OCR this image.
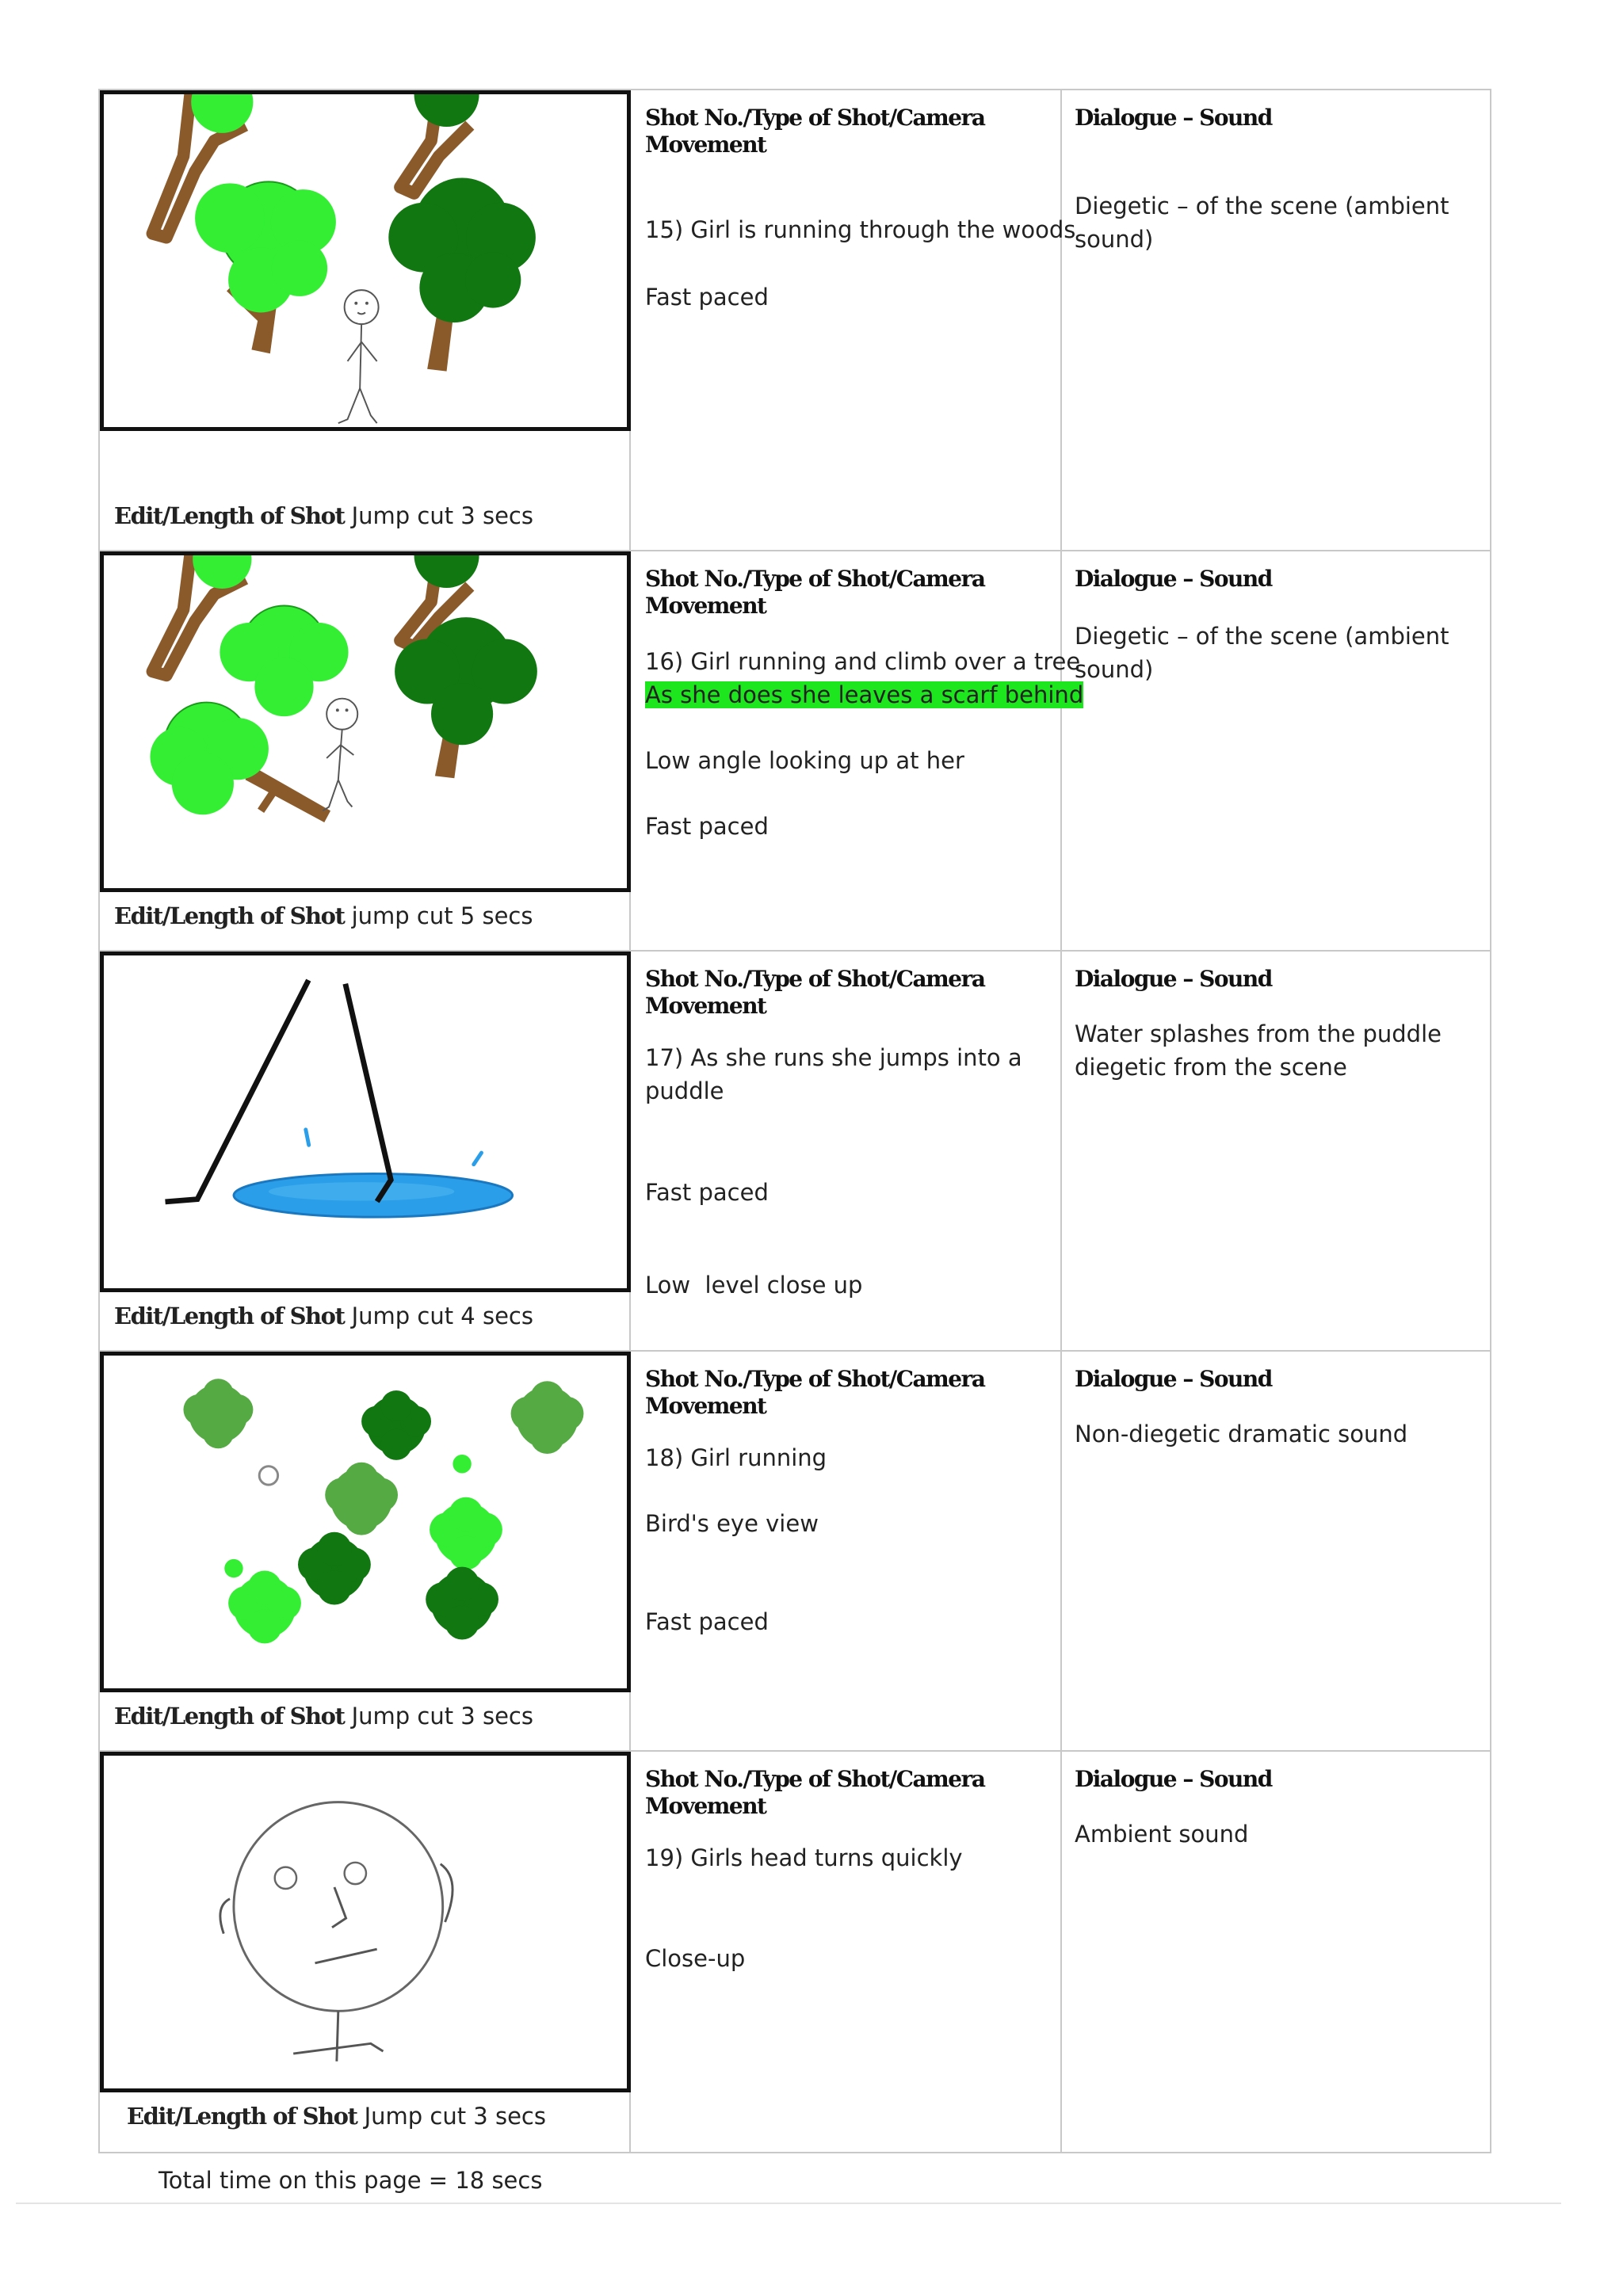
Edit/Length of Shot Jump cut 3 secs
Shot No./Type of Shot/Camera
Movement
15) Girl is running through the woods
Fast paced
Dialogue – Sound
Diegetic – of the scene (ambient sound)
Edit/Length of Shot jump cut 5 secs
Shot No./Type of Shot/Camera
Movement
16) Girl running and climb over a tree
As she does she leaves a scarf behind
Low angle looking up at her
Fast paced
Dialogue – Sound
Diegetic – of the scene (ambient sound)
Edit/Length of Shot Jump cut 4 secs
Shot No./Type of Shot/Camera
Movement
17) As she runs she jumps into a puddle
Fast paced
Low  level close up
Dialogue – Sound
Water splashes from the puddle diegetic from the scene
Edit/Length of Shot Jump cut 3 secs
Shot No./Type of Shot/Camera
Movement
18) Girl running
Bird's eye view
Fast paced
Dialogue – Sound
Non-diegetic dramatic sound
Edit/Length of Shot Jump cut 3 secs
Shot No./Type of Shot/Camera
Movement
19) Girls head turns quickly
Close-up
Dialogue – Sound
Ambient sound
Total time on this page = 18 secs
